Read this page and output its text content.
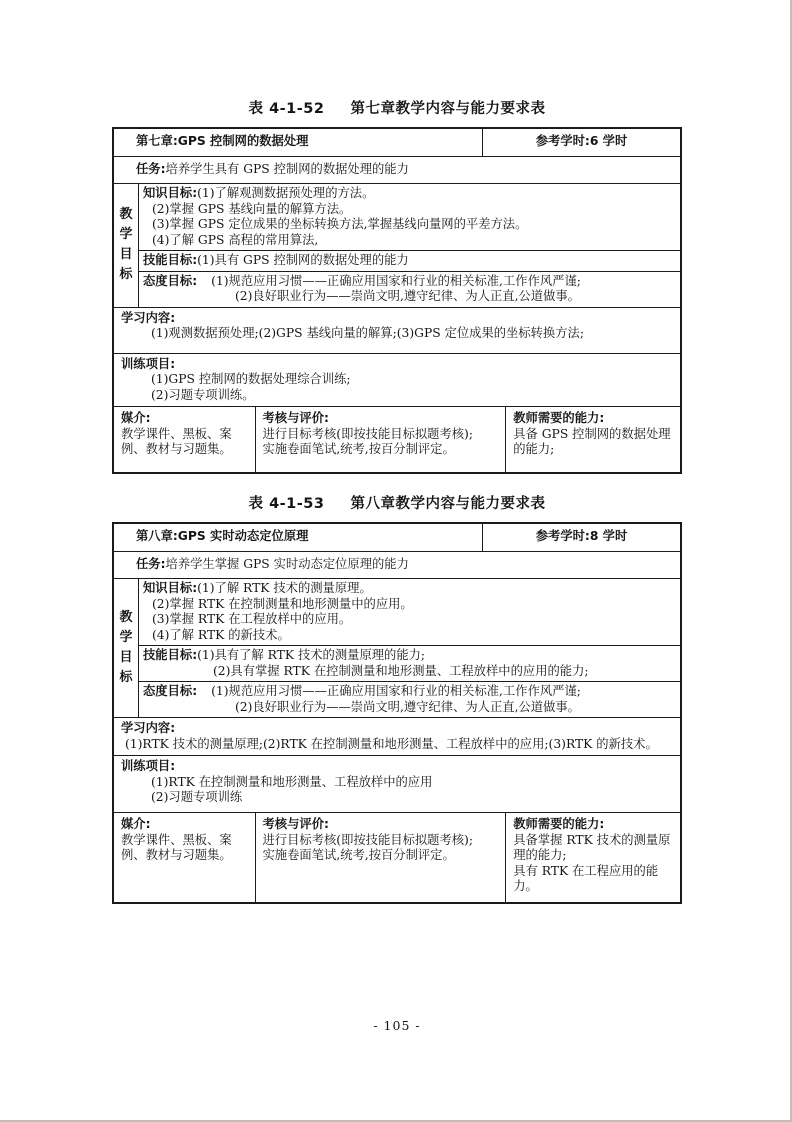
表 4-1-52 第七章教学内容与能力要求表
第七章:GPS 控制网的数据处理	参考学时:6 学时
任务:培养学生具有 GPS 控制网的数据处理的能力
教
学
目
标
知识目标:(1)了解观测数据预处理的方法。
(2)掌握 GPS 基线向量的解算方法。
(3)掌握 GPS 定位成果的坐标转换方法,掌握基线向量网的平差方法。
(4)了解 GPS 高程的常用算法,
技能目标:(1)具有 GPS 控制网的数据处理的能力
态度目标: (1)规范应用习惯——正确应用国家和行业的相关标准,工作作风严谨;
(2)良好职业行为——崇尚文明,遵守纪律、为人正直,公道做事。
学习内容:
(1)观测数据预处理;(2)GPS 基线向量的解算;(3)GPS 定位成果的坐标转换方法;
训练项目:
(1)GPS 控制网的数据处理综合训练;
(2)习题专项训练。
媒介:
教学课件、黑板、案例、教材与习题集。
考核与评价:
进行目标考核(即按技能目标拟题考核);
实施卷面笔试,统考,按百分制评定。
教师需要的能力:
具备 GPS 控制网的数据处理的能力;
表 4-1-53 第八章教学内容与能力要求表
第八章:GPS 实时动态定位原理	参考学时:8 学时
任务:培养学生掌握 GPS 实时动态定位原理的能力
教
学
目
标
知识目标:(1)了解 RTK 技术的测量原理。
(2)掌握 RTK 在控制测量和地形测量中的应用。
(3)掌握 RTK 在工程放样中的应用。
(4)了解 RTK 的新技术。
技能目标:(1)具有了解 RTK 技术的测量原理的能力;
(2)具有掌握 RTK 在控制测量和地形测量、工程放样中的应用的能力;
态度目标: (1)规范应用习惯——正确应用国家和行业的相关标准,工作作风严谨;
(2)良好职业行为——崇尚文明,遵守纪律、为人正直,公道做事。
学习内容:
(1)RTK 技术的测量原理;(2)RTK 在控制测量和地形测量、工程放样中的应用;(3)RTK 的新技术。
训练项目:
(1)RTK 在控制测量和地形测量、工程放样中的应用
(2)习题专项训练
媒介:
教学课件、黑板、案例、教材与习题集。
考核与评价:
进行目标考核(即按技能目标拟题考核);
实施卷面笔试,统考,按百分制评定。
教师需要的能力:
具备掌握 RTK 技术的测量原理的能力;
具有 RTK 在工程应用的能力。
- 105 -
